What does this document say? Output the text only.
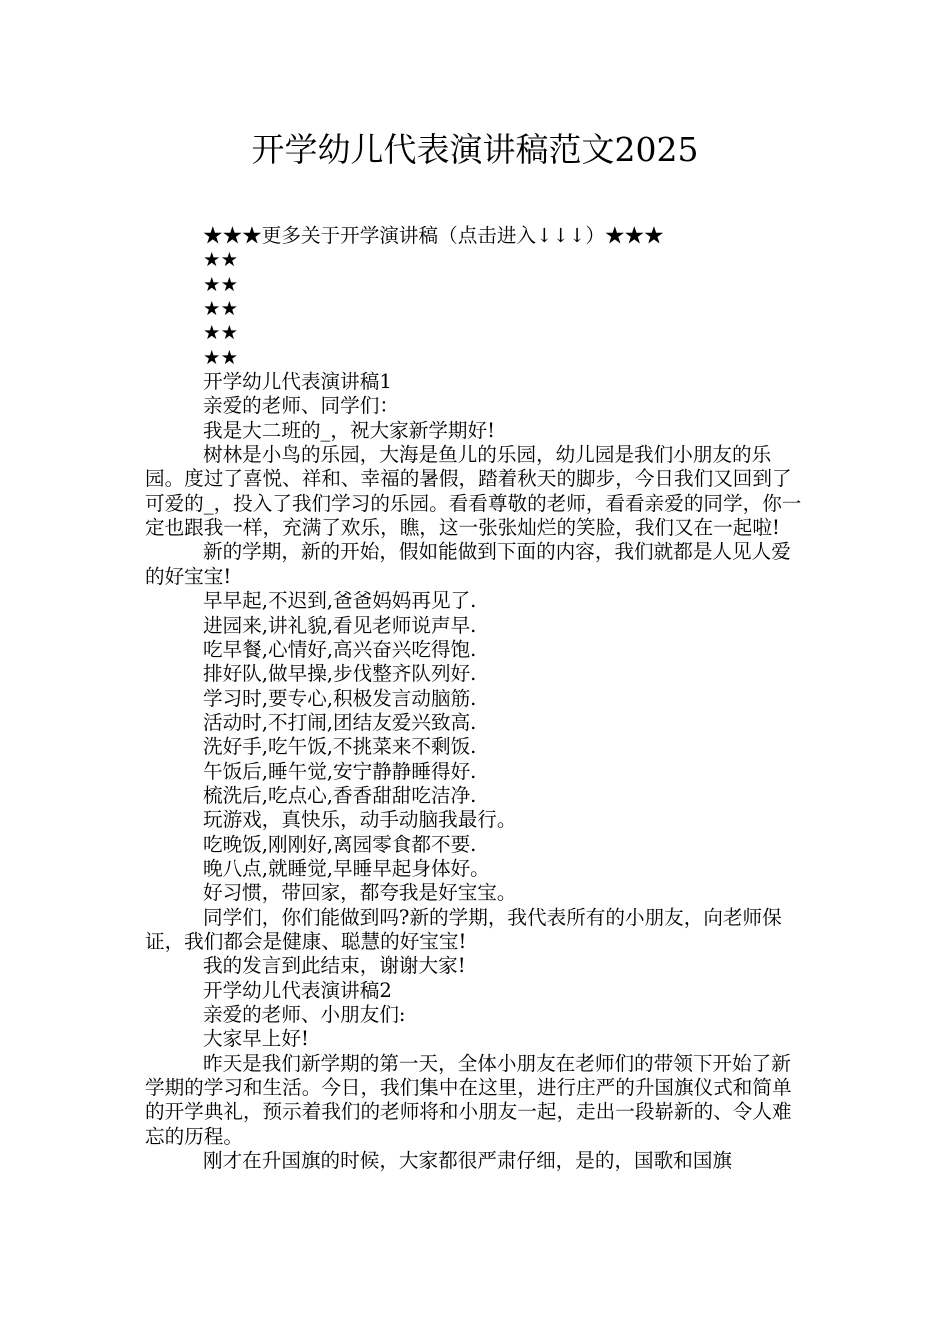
开学幼儿代表演讲稿范文2025

★★★更多关于开学演讲稿（点击进入↓↓↓）★★★

★★

★★

★★

★★

★★

开学幼儿代表演讲稿1

亲爱的老师、同学们：

我是大二班的_，祝大家新学期好!

树林是小鸟的乐园，大海是鱼儿的乐园，幼儿园是我们小朋友的乐园。度过了喜悦、祥和、幸福的暑假，踏着秋天的脚步，今日我们又回到了可爱的_，投入了我们学习的乐园。看看尊敬的老师，看看亲爱的同学，你一定也跟我一样，充满了欢乐，瞧，这一张张灿烂的笑脸，我们又在一起啦!

新的学期，新的开始，假如能做到下面的内容，我们就都是人见人爱的好宝宝!

早早起,不迟到,爸爸妈妈再见了.

进园来,讲礼貌,看见老师说声早.

吃早餐,心情好,高兴奋兴吃得饱.

排好队,做早操,步伐整齐队列好.

学习时,要专心,积极发言动脑筋.

活动时,不打闹,团结友爱兴致高.

洗好手,吃午饭,不挑菜来不剩饭.

午饭后,睡午觉,安宁静静睡得好.

梳洗后,吃点心,香香甜甜吃洁净.

玩游戏，真快乐，动手动脑我最行。

吃晚饭,刚刚好,离园零食都不要.

晚八点,就睡觉,早睡早起身体好。

好习惯，带回家，都夸我是好宝宝。

同学们，你们能做到吗?新的学期，我代表所有的小朋友，向老师保证，我们都会是健康、聪慧的好宝宝!

我的发言到此结束，谢谢大家!

开学幼儿代表演讲稿2

亲爱的老师、小朋友们:

大家早上好!

昨天是我们新学期的第一天，全体小朋友在老师们的带领下开始了新学期的学习和生活。今日，我们集中在这里，进行庄严的升国旗仪式和简单的开学典礼，预示着我们的老师将和小朋友一起，走出一段崭新的、令人难忘的历程。

刚才在升国旗的时候，大家都很严肃仔细，是的，国歌和国旗
